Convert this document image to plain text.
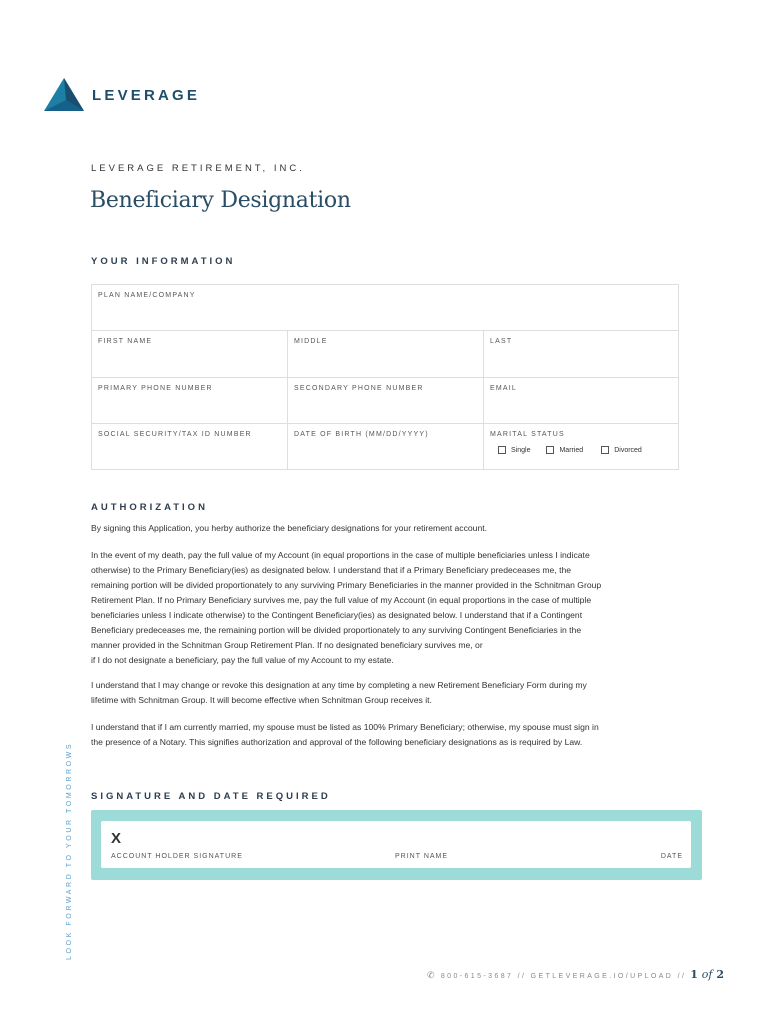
LEVERAGE
LEVERAGE RETIREMENT, INC.
Beneficiary Designation
YOUR INFORMATION
PLAN NAME/COMPANY
FIRST NAME	MIDDLE	LAST
PRIMARY PHONE NUMBER	SECONDARY PHONE NUMBER	EMAIL
SOCIAL SECURITY/TAX ID NUMBER	DATE OF BIRTH (MM/DD/YYYY)	MARITAL STATUS
Single	Married	Divorced
AUTHORIZATION

By signing this Application, you herby authorize the beneficiary designations for your retirement account.

In the event of my death, pay the full value of my Account (in equal proportions in the case of multiple beneficiaries unless I indicate
otherwise) to the Primary Beneficiary(ies) as designated below. I understand that if a Primary Beneficiary predeceases me, the
remaining portion will be divided proportionately to any surviving Primary Beneficiaries in the manner provided in the Schnitman Group
Retirement Plan. If no Primary Beneficiary survives me, pay the full value of my Account (in equal proportions in the case of multiple
beneficiaries unless I indicate otherwise) to the Contingent Beneficiary(ies) as designated below. I understand that if a Contingent
Beneficiary predeceases me, the remaining portion will be divided proportionately to any surviving Contingent Beneficiaries in the
manner provided in the Schnitman Group Retirement Plan. If no designated beneficiary survives me, or
if I do not designate a beneficiary, pay the full value of my Account to my estate.

I understand that I may change or revoke this designation at any time by completing a new Retirement Beneficiary Form during my
lifetime with Schnitman Group. It will become effective when Schnitman Group receives it.

I understand that if I am currently married, my spouse must be listed as 100% Primary Beneficiary; otherwise, my spouse must sign in
the presence of a Notary. This signifies authorization and approval of the following beneficiary designations as is required by Law.

LOOK FORWARD TO YOUR TOMORROWS SIGNATURE AND DATE REQUIRED
X
ACCOUNT HOLDER SIGNATURE	PRINT NAME	DATE
✆ 800-615-3687 // GETLEVERAGE.IO/UPLOAD // 1 of 2
